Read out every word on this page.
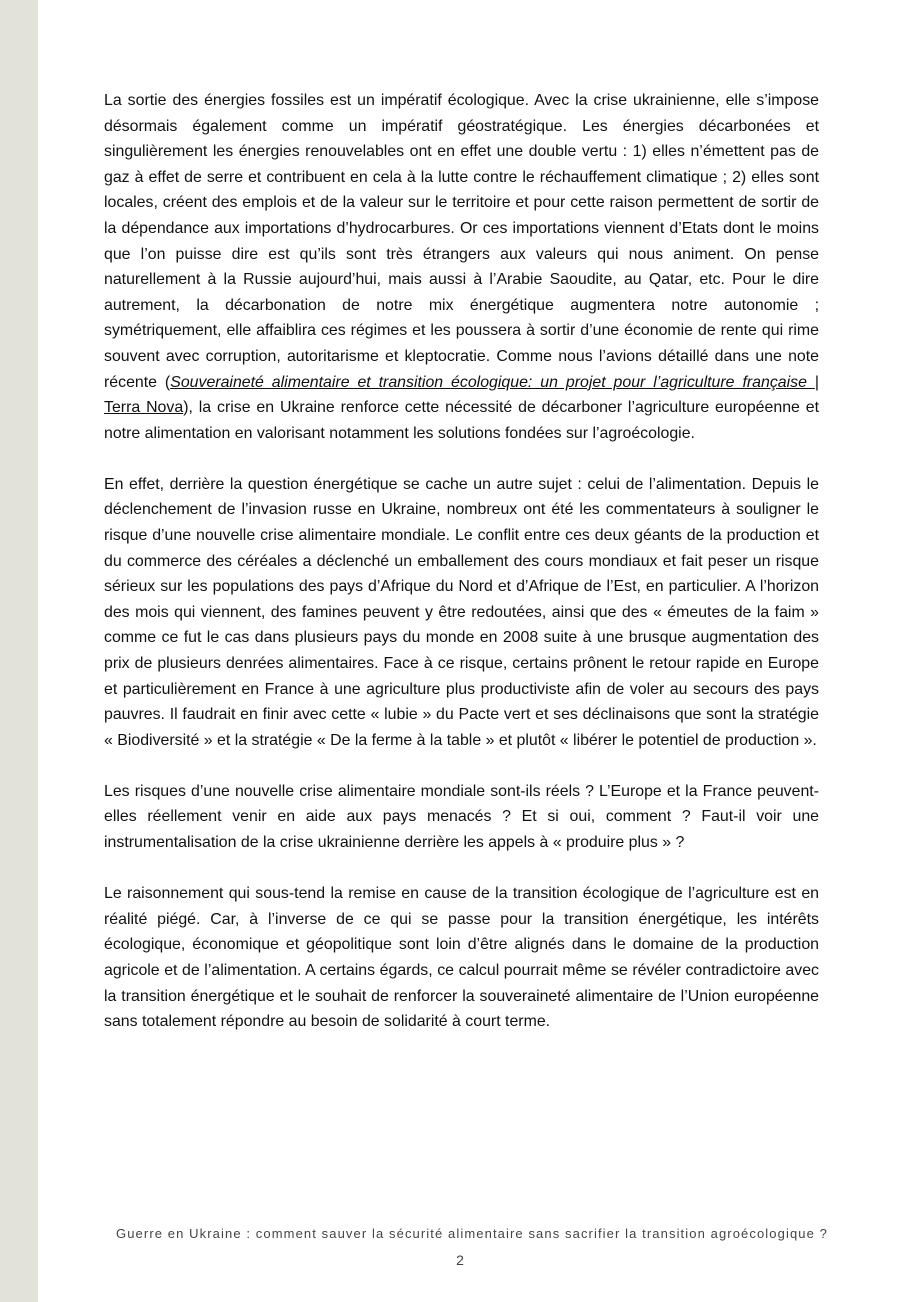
La sortie des énergies fossiles est un impératif écologique. Avec la crise ukrainienne, elle s’impose désormais également comme un impératif géostratégique. Les énergies décarbonées et singulièrement les énergies renouvelables ont en effet une double vertu : 1) elles n’émettent pas de gaz à effet de serre et contribuent en cela à la lutte contre le réchauffement climatique ; 2) elles sont locales, créent des emplois et de la valeur sur le territoire et pour cette raison permettent de sortir de la dépendance aux importations d’hydrocarbures. Or ces importations viennent d’Etats dont le moins que l’on puisse dire est qu’ils sont très étrangers aux valeurs qui nous animent. On pense naturellement à la Russie aujourd’hui, mais aussi à l’Arabie Saoudite, au Qatar, etc. Pour le dire autrement, la décarbonation de notre mix énergétique augmentera notre autonomie ; symétriquement, elle affaiblira ces régimes et les poussera à sortir d’une économie de rente qui rime souvent avec corruption, autoritarisme et kleptocratie. Comme nous l’avions détaillé dans une note récente (Souveraineté alimentaire et transition écologique: un projet pour l’agriculture française | Terra Nova), la crise en Ukraine renforce cette nécessité de décarboner l’agriculture européenne et notre alimentation en valorisant notamment les solutions fondées sur l’agroécologie.

En effet, derrière la question énergétique se cache un autre sujet : celui de l’alimentation. Depuis le déclenchement de l’invasion russe en Ukraine, nombreux ont été les commentateurs à souligner le risque d’une nouvelle crise alimentaire mondiale. Le conflit entre ces deux géants de la production et du commerce des céréales a déclenché un emballement des cours mondiaux et fait peser un risque sérieux sur les populations des pays d’Afrique du Nord et d’Afrique de l’Est, en particulier. A l’horizon des mois qui viennent, des famines peuvent y être redoutées, ainsi que des « émeutes de la faim » comme ce fut le cas dans plusieurs pays du monde en 2008 suite à une brusque augmentation des prix de plusieurs denrées alimentaires. Face à ce risque, certains prônent le retour rapide en Europe et particulièrement en France à une agriculture plus productiviste afin de voler au secours des pays pauvres. Il faudrait en finir avec cette « lubie » du Pacte vert et ses déclinaisons que sont la stratégie « Biodiversité » et la stratégie « De la ferme à la table » et plutôt « libérer le potentiel de production ».

Les risques d’une nouvelle crise alimentaire mondiale sont-ils réels ? L’Europe et la France peuvent-elles réellement venir en aide aux pays menacés ? Et si oui, comment ? Faut-il voir une instrumentalisation de la crise ukrainienne derrière les appels à « produire plus » ?

Le raisonnement qui sous-tend la remise en cause de la transition écologique de l’agriculture est en réalité piégé. Car, à l’inverse de ce qui se passe pour la transition énergétique, les intérêts écologique, économique et géopolitique sont loin d’être alignés dans le domaine de la production agricole et de l’alimentation. A certains égards, ce calcul pourrait même se révéler contradictoire avec la transition énergétique et le souhait de renforcer la souveraineté alimentaire de l’Union européenne sans totalement répondre au besoin de solidarité à court terme.

Guerre en Ukraine : comment sauver la sécurité alimentaire sans sacrifier la transition agroécologique ?
2
